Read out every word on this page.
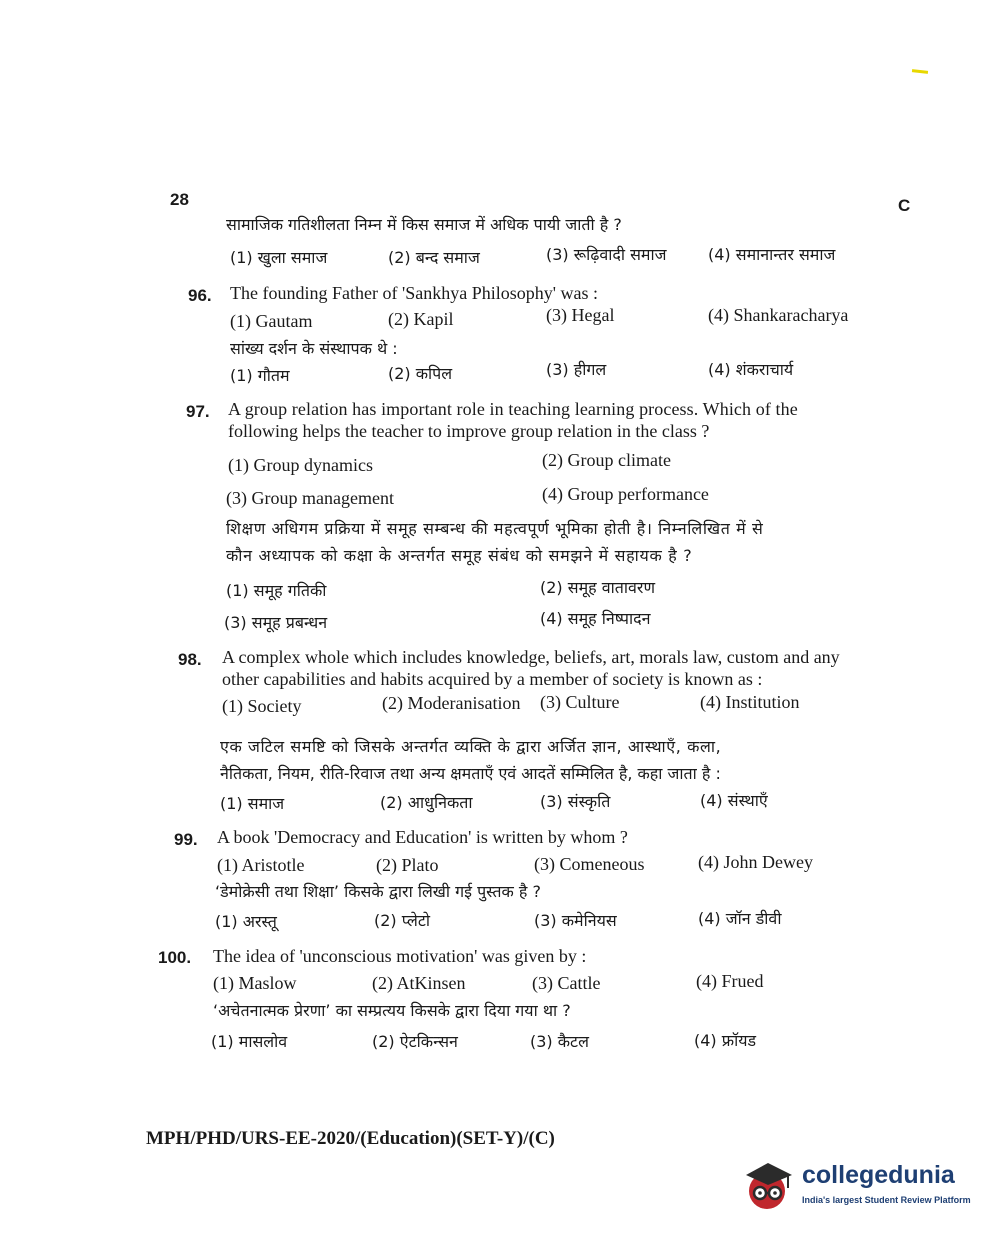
28	C
सामाजिक गतिशीलता निम्न में किस समाज में अधिक पायी जाती है ?
(1) खुला समाज	(2) बन्द समाज	(3) रूढ़िवादी समाज	(4) समानान्तर समाज
96. The founding Father of 'Sankhya Philosophy' was :
(1) Gautam	(2) Kapil	(3) Hegal	(4) Shankaracharya
सांख्य दर्शन के संस्थापक थे :
(1) गौतम	(2) कपिल	(3) हीगल	(4) शंकराचार्य
97. A group relation has important role in teaching learning process. Which of the
following helps the teacher to improve group relation in the class ?
(1) Group dynamics	(2) Group climate
(3) Group management	(4) Group performance
शिक्षण अधिगम प्रक्रिया में समूह सम्बन्ध की महत्वपूर्ण भूमिका होती है। निम्नलिखित में से
कौन अध्यापक को कक्षा के अन्तर्गत समूह संबंध को समझने में सहायक है ?
(1) समूह गतिकी	(2) समूह वातावरण
(3) समूह प्रबन्धन	(4) समूह निष्पादन
98. A complex whole which includes knowledge, beliefs, art, morals law, custom and any
other capabilities and habits acquired by a member of society is known as :
(1) Society	(2) Moderanisation (3) Culture	(4) Institution
एक जटिल समष्टि को जिसके अन्तर्गत व्यक्ति के द्वारा अर्जित ज्ञान, आस्थाएँ, कला,
नैतिकता, नियम, रीति-रिवाज तथा अन्य क्षमताएँ एवं आदतें सम्मिलित है, कहा जाता है :
(1) समाज	(2) आधुनिकता	(3) संस्कृति	(4) संस्थाएँ
99. A book 'Democracy and Education' is written by whom ?
(1) Aristotle	(2) Plato	(3) Comeneous	(4) John Dewey
‘डेमोक्रेसी तथा शिक्षा’ किसके द्वारा लिखी गई पुस्तक है ?
(1) अरस्तू	(2) प्लेटो	(3) कमेनियस	(4) जॉन डीवी
100. The idea of 'unconscious motivation' was given by :
(1) Maslow	(2) AtKinsen	(3) Cattle	(4) Frued
‘अचेतनात्मक प्रेरणा’ का सम्प्रत्यय किसके द्वारा दिया गया था ?
(1) मासलोव	(2) ऐटकिन्सन	(3) कैटल	(4) फ्रॉयड
MPH/PHD/URS-EE-2020/(Education)(SET-Y)/(C)
collegedunia
India's largest Student Review Platform
